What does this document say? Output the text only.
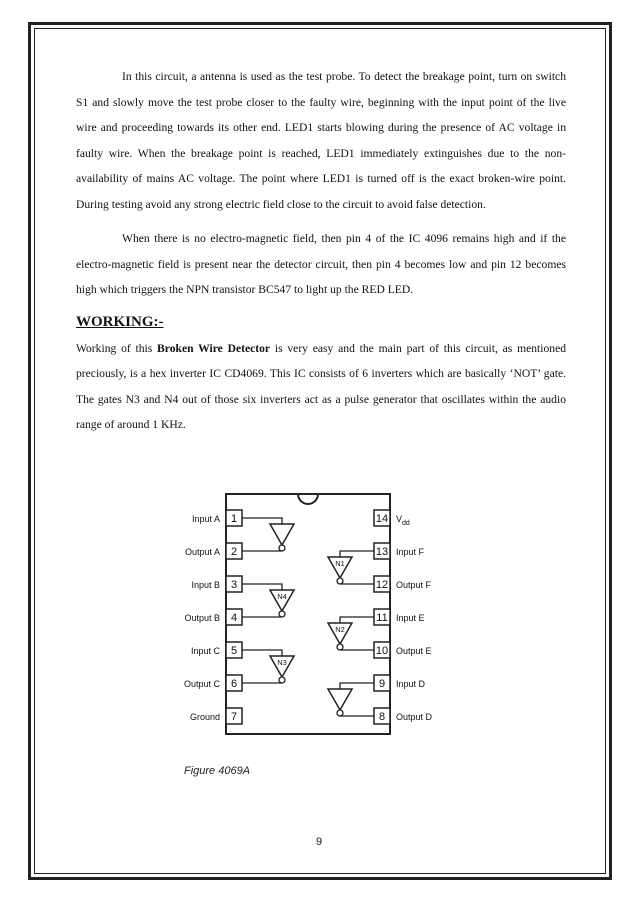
In this circuit, a antenna is used as the test probe. To detect the breakage point, turn on switch S1 and slowly move the test probe closer to the faulty wire, beginning with the input point of the live wire and proceeding towards its other end. LED1 starts blowing during the presence of AC voltage in faulty wire. When the breakage point is reached, LED1 immediately extinguishes due to the non-availability of mains AC voltage. The point where LED1 is turned off is the exact broken-wire point. During testing avoid any strong electric field close to the circuit to avoid false detection.

When there is no electro-magnetic field, then pin 4 of the IC 4096 remains high and if the electro-magnetic field is present near the detector circuit, then pin 4 becomes low and pin 12 becomes high which triggers the NPN transistor BC547 to light up the RED LED.

WORKING:-

Working of this Broken Wire Detector is very easy and the main part of this circuit, as mentioned preciously, is a hex inverter IC CD4069. This IC consists of 6 inverters which are basically ‘NOT’ gate. The gates N3 and N4 out of those six inverters act as a pulse generator that oscillates within the audio range of around 1 KHz.

1
Input A
2
Output A
3
Input B
4
Output B
5
Input C
6
Output C
7
Ground
14 $V_{dd}$
13 Input F
12 Output F
11 Input E
10 Output E
9 Input D
8 Output D
N4
N3
N1
N2
Figure 4069A
9
